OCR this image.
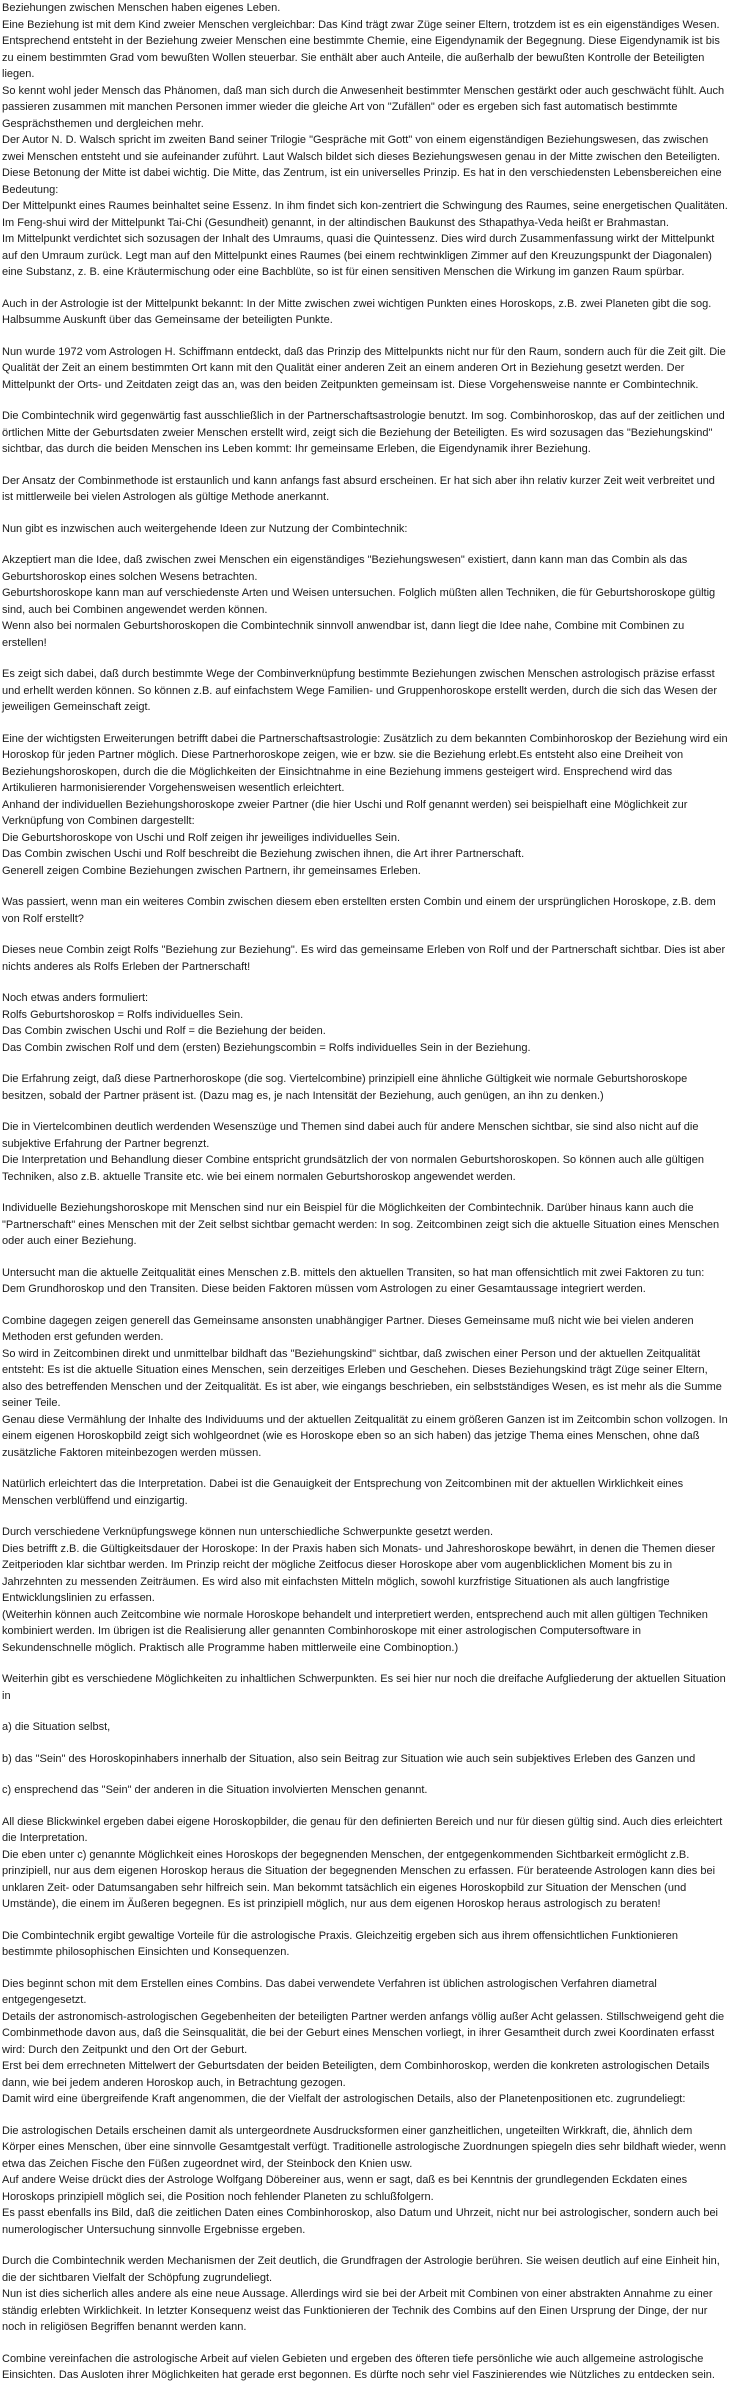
Beziehungen zwischen Menschen haben eigenes Leben.
Eine Beziehung ist mit dem Kind zweier Menschen vergleichbar: Das Kind trägt zwar Züge seiner Eltern, trotzdem ist es ein eigenständiges Wesen.
Entsprechend entsteht in der Beziehung zweier Menschen eine bestimmte Chemie, eine Eigendynamik der Begegnung. Diese Eigendynamik ist bis zu einem bestimmten Grad vom bewußten Wollen steuerbar. Sie enthält aber auch Anteile, die außerhalb der bewußten Kontrolle der Beteiligten liegen.
So kennt wohl jeder Mensch das Phänomen, daß man sich durch die Anwesenheit bestimmter Menschen gestärkt oder auch geschwächt fühlt. Auch passieren zusammen mit manchen Personen immer wieder die gleiche Art von "Zufällen" oder es ergeben sich fast automatisch bestimmte Gesprächsthemen und dergleichen mehr.
Der Autor N. D. Walsch spricht im zweiten Band seiner Trilogie "Gespräche mit Gott" von einem eigenständigen Beziehungswesen, das zwischen zwei Menschen entsteht und sie aufeinander zuführt. Laut Walsch bildet sich dieses Beziehungswesen genau in der Mitte zwischen den Beteiligten.
Diese Betonung der Mitte ist dabei wichtig. Die Mitte, das Zentrum, ist ein universelles Prinzip. Es hat in den verschiedensten Lebensbereichen eine Bedeutung:
Der Mittelpunkt eines Raumes beinhaltet seine Essenz. In ihm findet sich kon-zentriert die Schwingung des Raumes, seine energetischen Qualitäten. Im Feng-shui wird der Mittelpunkt Tai-Chi (Gesundheit) genannt, in der altindischen Baukunst des Sthapathya-Veda heißt er Brahmastan.
Im Mittelpunkt verdichtet sich sozusagen der Inhalt des Umraums, quasi die Quintessenz. Dies wird durch Zusammenfassung wirkt der Mittelpunkt auf den Umraum zurück. Legt man auf den Mittelpunkt eines Raumes (bei einem rechtwinkligen Zimmer auf den Kreuzungspunkt der Diagonalen) eine Substanz, z. B. eine Kräutermischung oder eine Bachblüte, so ist für einen sensitiven Menschen die Wirkung im ganzen Raum spürbar.

Auch in der Astrologie ist der Mittelpunkt bekannt: In der Mitte zwischen zwei wichtigen Punkten eines Horoskops, z.B. zwei Planeten gibt die sog. Halbsumme Auskunft über das Gemeinsame der beteiligten Punkte.

Nun wurde 1972 vom Astrologen H. Schiffmann entdeckt, daß das Prinzip des Mittelpunkts nicht nur für den Raum, sondern auch für die Zeit gilt. Die Qualität der Zeit an einem bestimmten Ort kann mit den Qualität einer anderen Zeit an einem anderen Ort in Beziehung gesetzt werden. Der Mittelpunkt der Orts- und Zeitdaten zeigt das an, was den beiden Zeitpunkten gemeinsam ist. Diese Vorgehensweise nannte er Combintechnik.

Die Combintechnik wird gegenwärtig fast ausschließlich in der Partnerschaftsastrologie benutzt. Im sog. Combinhoroskop, das auf der zeitlichen und örtlichen Mitte der Geburtsdaten zweier Menschen erstellt wird, zeigt sich die Beziehung der Beteiligten. Es wird sozusagen das "Beziehungskind" sichtbar, das durch die beiden Menschen ins Leben kommt: Ihr gemeinsame Erleben, die Eigendynamik ihrer Beziehung.

Der Ansatz der Combinmethode ist erstaunlich und kann anfangs fast absurd erscheinen. Er hat sich aber ihn relativ kurzer Zeit weit verbreitet und ist mittlerweile bei vielen Astrologen als gültige Methode anerkannt.

Nun gibt es inzwischen auch weitergehende Ideen zur Nutzung der Combintechnik:

Akzeptiert man die Idee, daß zwischen zwei Menschen ein eigenständiges "Beziehungswesen" existiert, dann kann man das Combin als das Geburtshoroskop eines solchen Wesens betrachten.
Geburtshoroskope kann man auf verschiedenste Arten und Weisen untersuchen. Folglich müßten allen Techniken, die für Geburtshoroskope gültig sind, auch bei Combinen angewendet werden können.
Wenn also bei normalen Geburtshoroskopen die Combintechnik sinnvoll anwendbar ist, dann liegt die Idee nahe, Combine mit Combinen zu erstellen!

Es zeigt sich dabei, daß durch bestimmte Wege der Combinverknüpfung bestimmte Beziehungen zwischen Menschen astrologisch präzise erfasst und erhellt werden können. So können z.B. auf einfachstem Wege Familien- und Gruppenhoroskope erstellt werden, durch die sich das Wesen der jeweiligen Gemeinschaft zeigt.

Eine der wichtigsten Erweiterungen betrifft dabei die Partnerschaftsastrologie: Zusätzlich zu dem bekannten Combinhoroskop der Beziehung wird ein Horoskop für jeden Partner möglich. Diese Partnerhoroskope zeigen, wie er bzw. sie die Beziehung erlebt.Es entsteht also eine Dreiheit von Beziehungshoroskopen, durch die die Möglichkeiten der Einsichtnahme in eine Beziehung immens gesteigert wird. Ensprechend wird das Artikulieren harmonisierender Vorgehensweisen wesentlich erleichtert.
Anhand der individuellen Beziehungshoroskope zweier Partner (die hier Uschi und Rolf genannt werden) sei beispielhaft eine Möglichkeit zur Verknüpfung von Combinen dargestellt:
Die Geburtshoroskope von Uschi und Rolf zeigen ihr jeweiliges individuelles Sein.
Das Combin zwischen Uschi und Rolf beschreibt die Beziehung zwischen ihnen, die Art ihrer Partnerschaft.
Generell zeigen Combine Beziehungen zwischen Partnern, ihr gemeinsames Erleben.

Was passiert, wenn man ein weiteres Combin zwischen diesem eben erstellten ersten Combin und einem der ursprünglichen Horoskope, z.B. dem von Rolf erstellt?

Dieses neue Combin zeigt Rolfs "Beziehung zur Beziehung". Es wird das gemeinsame Erleben von Rolf und der Partnerschaft sichtbar. Dies ist aber nichts anderes als Rolfs Erleben der Partnerschaft!

Noch etwas anders formuliert:
Rolfs Geburtshoroskop = Rolfs individuelles Sein.
Das Combin zwischen Uschi und Rolf = die Beziehung der beiden.
Das Combin zwischen Rolf und dem (ersten) Beziehungscombin = Rolfs individuelles Sein in der Beziehung.

Die Erfahrung zeigt, daß diese Partnerhoroskope (die sog. Viertelcombine) prinzipiell eine ähnliche Gültigkeit wie normale Geburtshoroskope besitzen, sobald der Partner präsent ist. (Dazu mag es, je nach Intensität der Beziehung, auch genügen, an ihn zu denken.)

Die in Viertelcombinen deutlich werdenden Wesenszüge und Themen sind dabei auch für andere Menschen sichtbar, sie sind also nicht auf die subjektive Erfahrung der Partner begrenzt.
Die Interpretation und Behandlung dieser Combine entspricht grundsätzlich der von normalen Geburtshoroskopen. So können auch alle gültigen Techniken, also z.B. aktuelle Transite etc. wie bei einem normalen Geburtshoroskop angewendet werden.

Individuelle Beziehungshoroskope mit Menschen sind nur ein Beispiel für die Möglichkeiten der Combintechnik. Darüber hinaus kann auch die "Partnerschaft" eines Menschen mit der Zeit selbst sichtbar gemacht werden: In sog. Zeitcombinen zeigt sich die aktuelle Situation eines Menschen oder auch einer Beziehung.

Untersucht man die aktuelle Zeitqualität eines Menschen z.B. mittels den aktuellen Transiten, so hat man offensichtlich mit zwei Faktoren zu tun: Dem Grundhoroskop und den Transiten. Diese beiden Faktoren müssen vom Astrologen zu einer Gesamtaussage integriert werden.

Combine dagegen zeigen generell das Gemeinsame ansonsten unabhängiger Partner. Dieses Gemeinsame muß nicht wie bei vielen anderen Methoden erst gefunden werden.
So wird in Zeitcombinen direkt und unmittelbar bildhaft das "Beziehungskind" sichtbar, daß zwischen einer Person und der aktuellen Zeitqualität entsteht: Es ist die aktuelle Situation eines Menschen, sein derzeitiges Erleben und Geschehen. Dieses Beziehungskind trägt Züge seiner Eltern, also des betreffenden Menschen und der Zeitqualität. Es ist aber, wie eingangs beschrieben, ein selbstständiges Wesen, es ist mehr als die Summe seiner Teile.
Genau diese Vermählung der Inhalte des Individuums und der aktuellen Zeitqualität zu einem größeren Ganzen ist im Zeitcombin schon vollzogen. In einem eigenen Horoskopbild zeigt sich wohlgeordnet (wie es Horoskope eben so an sich haben) das jetzige Thema eines Menschen, ohne daß zusätzliche Faktoren miteinbezogen werden müssen.

Natürlich erleichtert das die Interpretation. Dabei ist die Genauigkeit der Entsprechung von Zeitcombinen mit der aktuellen Wirklichkeit eines Menschen verblüffend und einzigartig.

Durch verschiedene Verknüpfungswege können nun unterschiedliche Schwerpunkte gesetzt werden.
Dies betrifft z.B. die Gültigkeitsdauer der Horoskope: In der Praxis haben sich Monats- und Jahreshoroskope bewährt, in denen die Themen dieser Zeitperioden klar sichtbar werden. Im Prinzip reicht der mögliche Zeitfocus dieser Horoskope aber vom augenblicklichen Moment bis zu in Jahrzehnten zu messenden Zeiträumen. Es wird also mit einfachsten Mitteln möglich, sowohl kurzfristige Situationen als auch langfristige Entwicklungslinien zu erfassen.
(Weiterhin können auch Zeitcombine wie normale Horoskope behandelt und interpretiert werden, entsprechend auch mit allen gültigen Techniken kombiniert werden. Im übrigen ist die Realisierung aller genannten Combinhoroskope mit einer astrologischen Computersoftware in Sekundenschnelle möglich. Praktisch alle Programme haben mittlerweile eine Combinoption.)

Weiterhin gibt es verschiedene Möglichkeiten zu inhaltlichen Schwerpunkten. Es sei hier nur noch die dreifache Aufgliederung der aktuellen Situation in

a) die Situation selbst,

b) das "Sein" des Horoskopinhabers innerhalb der Situation, also sein Beitrag zur Situation wie auch sein subjektives Erleben des Ganzen und

c) ensprechend das "Sein" der anderen in die Situation involvierten Menschen genannt.

All diese Blickwinkel ergeben dabei eigene Horoskopbilder, die genau für den definierten Bereich und nur für diesen gültig sind. Auch dies erleichtert die Interpretation.
Die eben unter c) genannte Möglichkeit eines Horoskops der begegnenden Menschen, der entgegenkommenden Sichtbarkeit ermöglicht z.B. prinzipiell, nur aus dem eigenen Horoskop heraus die Situation der begegnenden Menschen zu erfassen. Für berateende Astrologen kann dies bei unklaren Zeit- oder Datumsangaben sehr hilfreich sein. Man bekommt tatsächlich ein eigenes Horoskopbild zur Situation der Menschen (und Umstände), die einem im Äußeren begegnen. Es ist prinzipiell möglich, nur aus dem eigenen Horoskop heraus astrologisch zu beraten!

Die Combintechnik ergibt gewaltige Vorteile für die astrologische Praxis. Gleichzeitig ergeben sich aus ihrem offensichtlichen Funktionieren bestimmte philosophischen Einsichten und Konsequenzen.

Dies beginnt schon mit dem Erstellen eines Combins. Das dabei verwendete Verfahren ist üblichen astrologischen Verfahren diametral entgegengesetzt.
Details der astronomisch-astrologischen Gegebenheiten der beteiligten Partner werden anfangs völlig außer Acht gelassen. Stillschweigend geht die Combinmethode davon aus, daß die Seinsqualität, die bei der Geburt eines Menschen vorliegt, in ihrer Gesamtheit durch zwei Koordinaten erfasst wird: Durch den Zeitpunkt und den Ort der Geburt.
Erst bei dem errechneten Mittelwert der Geburtsdaten der beiden Beteiligten, dem Combinhoroskop, werden die konkreten astrologischen Details dann, wie bei jedem anderen Horoskop auch, in Betrachtung gezogen.
Damit wird eine übergreifende Kraft angenommen, die der Vielfalt der astrologischen Details, also der Planetenpositionen etc. zugrundeliegt:

Die astrologischen Details erscheinen damit als untergeordnete Ausdrucksformen einer ganzheitlichen, ungeteilten Wirkkraft, die, ähnlich dem Körper eines Menschen, über eine sinnvolle Gesamtgestalt verfügt. Traditionelle astrologische Zuordnungen spiegeln dies sehr bildhaft wieder, wenn etwa das Zeichen Fische den Füßen zugeordnet wird, der Steinbock den Knien usw.
Auf andere Weise drückt dies der Astrologe Wolfgang Döbereiner aus, wenn er sagt, daß es bei Kenntnis der grundlegenden Eckdaten eines Horoskops prinzipiell möglich sei, die Position noch fehlender Planeten zu schlußfolgern.
Es passt ebenfalls ins Bild, daß die zeitlichen Daten eines Combinhoroskop, also Datum und Uhrzeit, nicht nur bei astrologischer, sondern auch bei numerologischer Untersuchung sinnvolle Ergebnisse ergeben.

Durch die Combintechnik werden Mechanismen der Zeit deutlich, die Grundfragen der Astrologie berühren. Sie weisen deutlich auf eine Einheit hin, die der sichtbaren Vielfalt der Schöpfung zugrundeliegt.
Nun ist dies sicherlich alles andere als eine neue Aussage. Allerdings wird sie bei der Arbeit mit Combinen von einer abstrakten Annahme zu einer ständig erlebten Wirklichkeit. In letzter Konsequenz weist das Funktionieren der Technik des Combins auf den Einen Ursprung der Dinge, der nur noch in religiösen Begriffen benannt werden kann.

Combine vereinfachen die astrologische Arbeit auf vielen Gebieten und ergeben des öfteren tiefe persönliche wie auch allgemeine astrologische Einsichten. Das Ausloten ihrer Möglichkeiten hat gerade erst begonnen. Es dürfte noch sehr viel Faszinierendes wie Nützliches zu entdecken sein.
